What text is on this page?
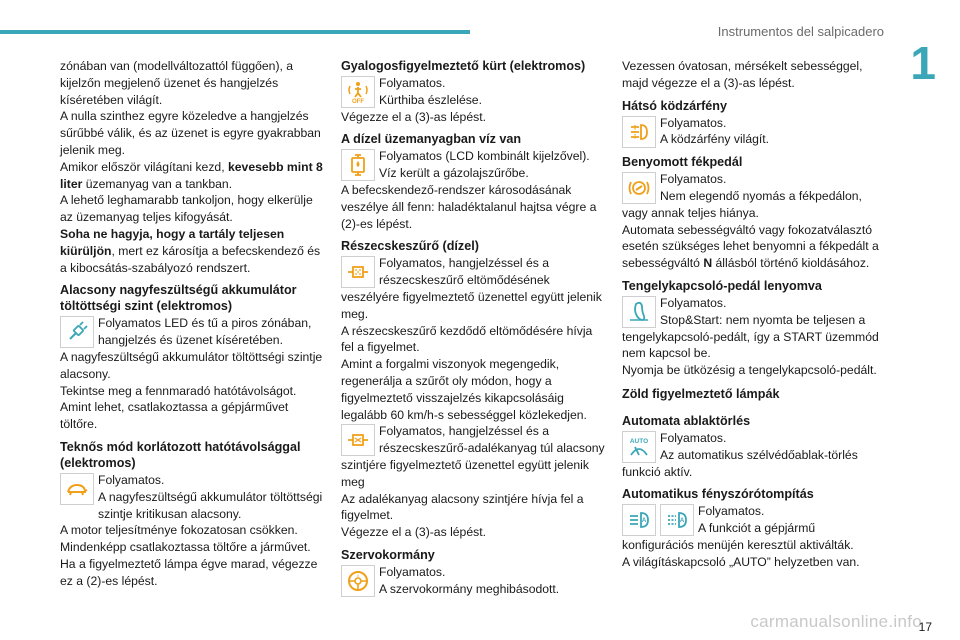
Instrumentos del salpicadero
1
zónában van (modellváltozattól függően), a kijelzőn megjelenő üzenet és hangjelzés kíséretében világít.
A nulla szinthez egyre közeledve a hangjelzés sűrűbbé válik, és az üzenet is egyre gyakrabban jelenik meg.
Amikor először világítani kezd, kevesebb mint 8 liter üzemanyag van a tankban.
A lehető leghamarabb tankoljon, hogy elkerülje az üzemanyag teljes kifogyását.
Soha ne hagyja, hogy a tartály teljesen kiürüljön, mert ez károsítja a befecskendező és a kibocsátás-szabályozó rendszert.
Alacsony nagyfeszültségű akkumulátor töltöttségi szint (elektromos)
Folyamatos LED és tű a piros zónában, hangjelzés és üzenet kíséretében.
A nagyfeszültségű akkumulátor töltöttségi szintje alacsony.
Tekintse meg a fennmaradó hatótávolságot.
Amint lehet, csatlakoztassa a gépjárművet töltőre.
Teknős mód korlátozott hatótávolsággal (elektromos)
Folyamatos.
A nagyfeszültségű akkumulátor töltöttségi szintje kritikusan alacsony.
A motor teljesítménye fokozatosan csökken.
Mindenképp csatlakoztassa töltőre a járművet.
Ha a figyelmeztető lámpa égve marad, végezze ez a (2)-es lépést.
Gyalogosfigyelmeztető kürt (elektromos)
OFF
Folyamatos.
Kürthiba észlelése.
Végezze el a (3)-as lépést.
A dízel üzemanyagban víz van
Folyamatos (LCD kombinált kijelzővel).
Víz került a gázolajszűrőbe.
A befecskendező-rendszer károsodásának veszélye áll fenn: haladéktalanul hajtsa végre a (2)-es lépést.
Részecskeszűrő (dízel)
Folyamatos, hangjelzéssel és a részecskeszűrő eltömődésének
veszélyére figyelmeztető üzenettel együtt jelenik meg.
A részecskeszűrő kezdődő eltömődésére hívja fel a figyelmet.
Amint a forgalmi viszonyok megengedik, regenerálja a szűrőt oly módon, hogy a figyelmeztető visszajelzés kikapcsolásáig legalább 60 km/h-s sebességgel közlekedjen.
Folyamatos, hangjelzéssel és a részecskeszűrő-adalékanyag túl alacsony
szintjére figyelmeztető üzenettel együtt jelenik meg
Az adalékanyag alacsony szintjére hívja fel a figyelmet.
Végezze el a (3)-as lépést.
Szervokormány
! Folyamatos.
A szervokormány meghibásodott.
Vezessen óvatosan, mérsékelt sebességgel, majd végezze el a (3)-as lépést.
Hátsó ködzárfény
Folyamatos.
A ködzárfény világít.
Benyomott fékpedál
Folyamatos.
Nem elegendő nyomás a fékpedálon,
vagy annak teljes hiánya.
Automata sebességváltó vagy fokozatválasztó esetén szükséges lehet benyomni a fékpedált a sebességváltó N állásból történő kioldásához.
Tengelykapcsoló-pedál lenyomva
Folyamatos.
Stop&Start: nem nyomta be teljesen a
tengelykapcsoló-pedált, így a START üzemmód nem kapcsol be.
Nyomja be ütközésig a tengelykapcsoló-pedált.
Zöld figyelmeztető lámpák
Automata ablaktörlés
AUTO Folyamatos.
Az automatikus szélvédőablak-törlés
funkció aktív.
Automatikus fényszórótompítás
A	A
Folyamatos.
A funkciót a gépjármű
konfigurációs menüjén keresztül aktiválták.
A világításkapcsoló „AUTO” helyzetben van.
carmanualsonline.info
17
